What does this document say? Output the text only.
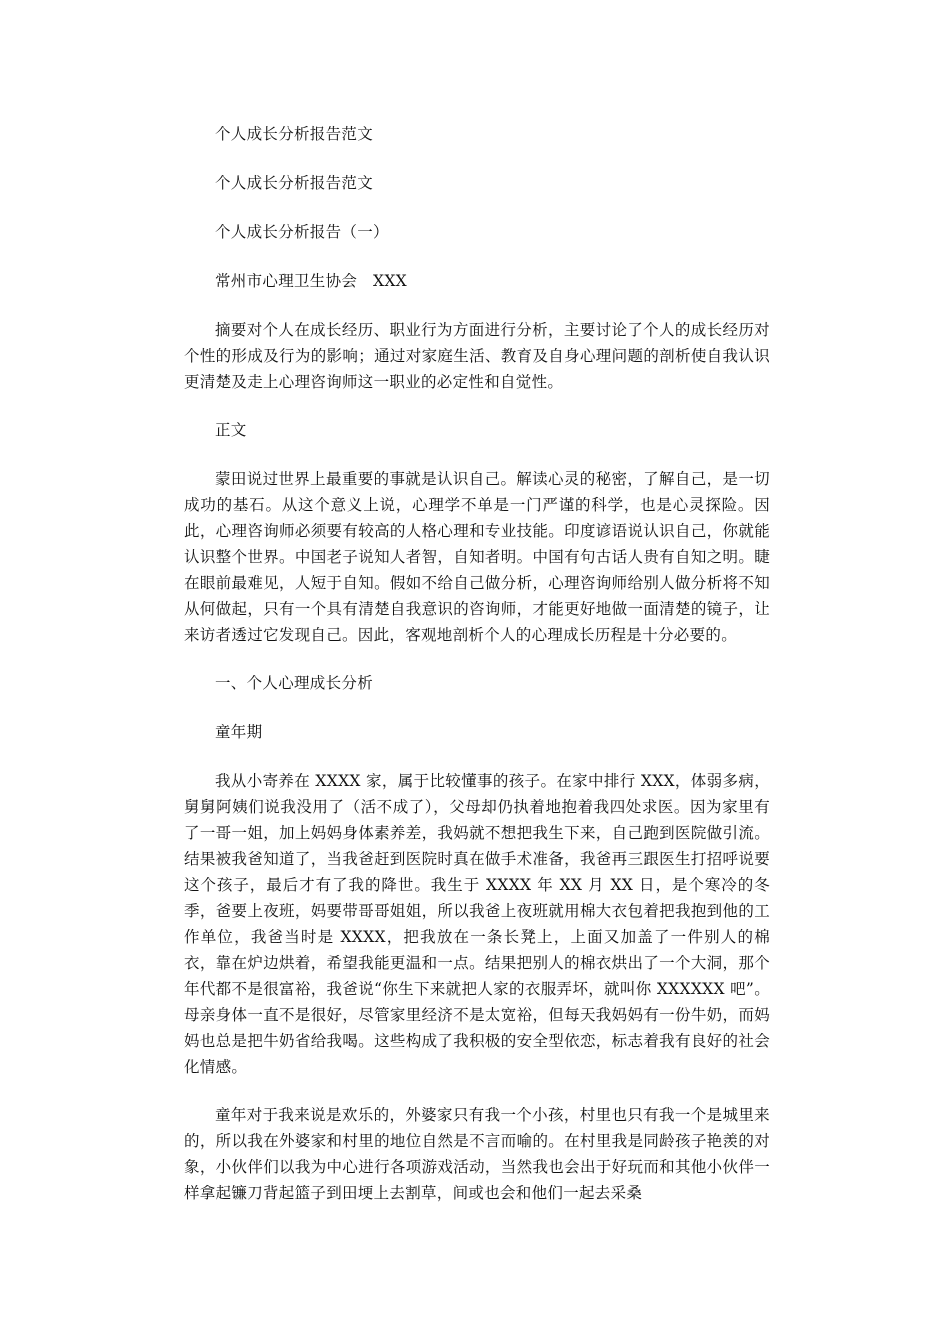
个人成长分析报告范文

个人成长分析报告范文

个人成长分析报告（一）

常州市心理卫生协会　XXX

摘要对个人在成长经历、职业行为方面进行分析，主要讨论了个人的成长经历对个性的形成及行为的影响；通过对家庭生活、教育及自身心理问题的剖析使自我认识更清楚及走上心理咨询师这一职业的必定性和自觉性。

正文

蒙田说过世界上最重要的事就是认识自己。解读心灵的秘密，了解自己，是一切成功的基石。从这个意义上说，心理学不单是一门严谨的科学，也是心灵探险。因此，心理咨询师必须要有较高的人格心理和专业技能。印度谚语说认识自己，你就能认识整个世界。中国老子说知人者智，自知者明。中国有句古话人贵有自知之明。睫在眼前最难见，人短于自知。假如不给自己做分析，心理咨询师给别人做分析将不知从何做起，只有一个具有清楚自我意识的咨询师，才能更好地做一面清楚的镜子，让来访者透过它发现自己。因此，客观地剖析个人的心理成长历程是十分必要的。

一、个人心理成长分析

童年期

我从小寄养在 XXXX 家，属于比较懂事的孩子。在家中排行 XXX，体弱多病，舅舅阿姨们说我没用了（活不成了），父母却仍执着地抱着我四处求医。因为家里有了一哥一姐，加上妈妈身体素养差，我妈就不想把我生下来，自己跑到医院做引流。结果被我爸知道了，当我爸赶到医院时真在做手术准备，我爸再三跟医生打招呼说要这个孩子，最后才有了我的降世。我生于 XXXX 年 XX 月 XX 日，是个寒冷的冬季，爸要上夜班，妈要带哥哥姐姐，所以我爸上夜班就用棉大衣包着把我抱到他的工作单位，我爸当时是 XXXX，把我放在一条长凳上，上面又加盖了一件别人的棉衣，靠在炉边烘着，希望我能更温和一点。结果把别人的棉衣烘出了一个大洞，那个年代都不是很富裕，我爸说“你生下来就把人家的衣服弄坏，就叫你 XXXXXX 吧”。母亲身体一直不是很好，尽管家里经济不是太宽裕，但每天我妈妈有一份牛奶，而妈妈也总是把牛奶省给我喝。这些构成了我积极的安全型依恋，标志着我有良好的社会化情感。

童年对于我来说是欢乐的，外婆家只有我一个小孩，村里也只有我一个是城里来的，所以我在外婆家和村里的地位自然是不言而喻的。在村里我是同龄孩子艳羡的对象，小伙伴们以我为中心进行各项游戏活动，当然我也会出于好玩而和其他小伙伴一样拿起镰刀背起篮子到田埂上去割草，间或也会和他们一起去采桑
